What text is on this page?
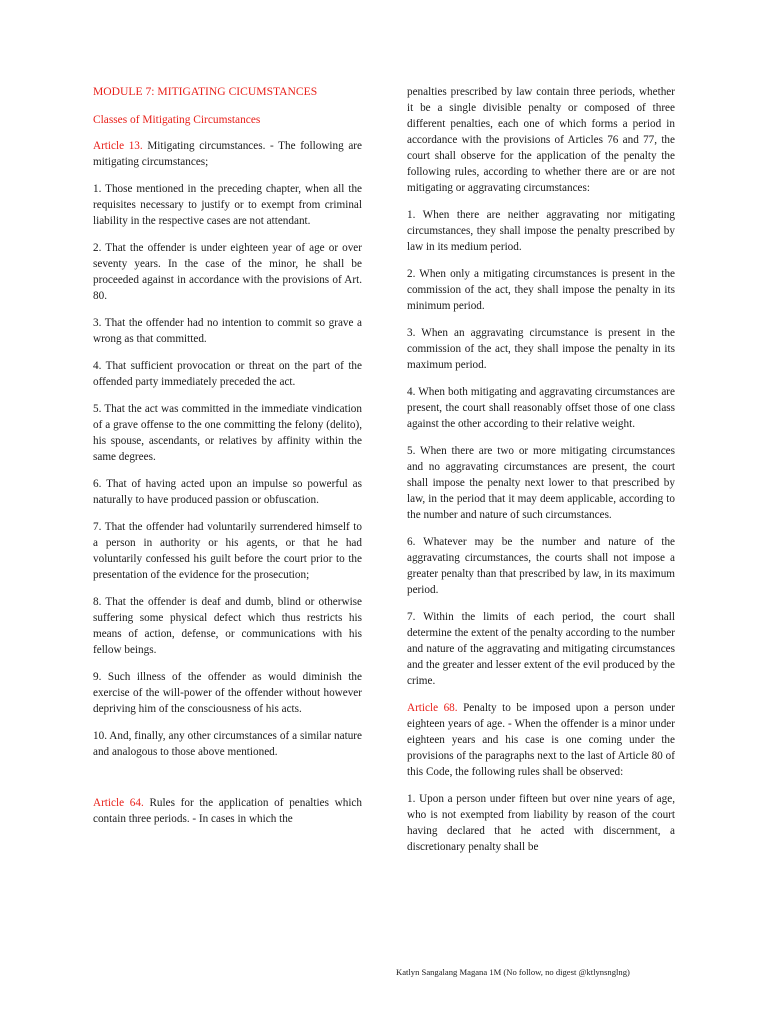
MODULE 7: MITIGATING CICUMSTANCES

Classes of Mitigating Circumstances

Article 13. Mitigating circumstances. - The following are mitigating circumstances;

1. Those mentioned in the preceding chapter, when all the requisites necessary to justify or to exempt from criminal liability in the respective cases are not attendant.

2. That the offender is under eighteen year of age or over seventy years. In the case of the minor, he shall be proceeded against in accordance with the provisions of Art. 80.

3. That the offender had no intention to commit so grave a wrong as that committed.

4. That sufficient provocation or threat on the part of the offended party immediately preceded the act.

5. That the act was committed in the immediate vindication of a grave offense to the one committing the felony (delito), his spouse, ascendants, or relatives by affinity within the same degrees.

6. That of having acted upon an impulse so powerful as naturally to have produced passion or obfuscation.

7. That the offender had voluntarily surrendered himself to a person in authority or his agents, or that he had voluntarily confessed his guilt before the court prior to the presentation of the evidence for the prosecution;

8. That the offender is deaf and dumb, blind or otherwise suffering some physical defect which thus restricts his means of action, defense, or communications with his fellow beings.

9. Such illness of the offender as would diminish the exercise of the will-power of the offender without however depriving him of the consciousness of his acts.

10. And, finally, any other circumstances of a similar nature and analogous to those above mentioned.

Article 64. Rules for the application of penalties which contain three periods. - In cases in which the

penalties prescribed by law contain three periods, whether it be a single divisible penalty or composed of three different penalties, each one of which forms a period in accordance with the provisions of Articles 76 and 77, the court shall observe for the application of the penalty the following rules, according to whether there are or are not mitigating or aggravating circumstances:

1. When there are neither aggravating nor mitigating circumstances, they shall impose the penalty prescribed by law in its medium period.

2. When only a mitigating circumstances is present in the commission of the act, they shall impose the penalty in its minimum period.

3. When an aggravating circumstance is present in the commission of the act, they shall impose the penalty in its maximum period.

4. When both mitigating and aggravating circumstances are present, the court shall reasonably offset those of one class against the other according to their relative weight.

5. When there are two or more mitigating circumstances and no aggravating circumstances are present, the court shall impose the penalty next lower to that prescribed by law, in the period that it may deem applicable, according to the number and nature of such circumstances.

6. Whatever may be the number and nature of the aggravating circumstances, the courts shall not impose a greater penalty than that prescribed by law, in its maximum period.

7. Within the limits of each period, the court shall determine the extent of the penalty according to the number and nature of the aggravating and mitigating circumstances and the greater and lesser extent of the evil produced by the crime.

Article 68. Penalty to be imposed upon a person under eighteen years of age. - When the offender is a minor under eighteen years and his case is one coming under the provisions of the paragraphs next to the last of Article 80 of this Code, the following rules shall be observed:

1. Upon a person under fifteen but over nine years of age, who is not exempted from liability by reason of the court having declared that he acted with discernment, a discretionary penalty shall be

Katlyn Sangalang Magana 1M (No follow, no digest @ktlynsnglng)
